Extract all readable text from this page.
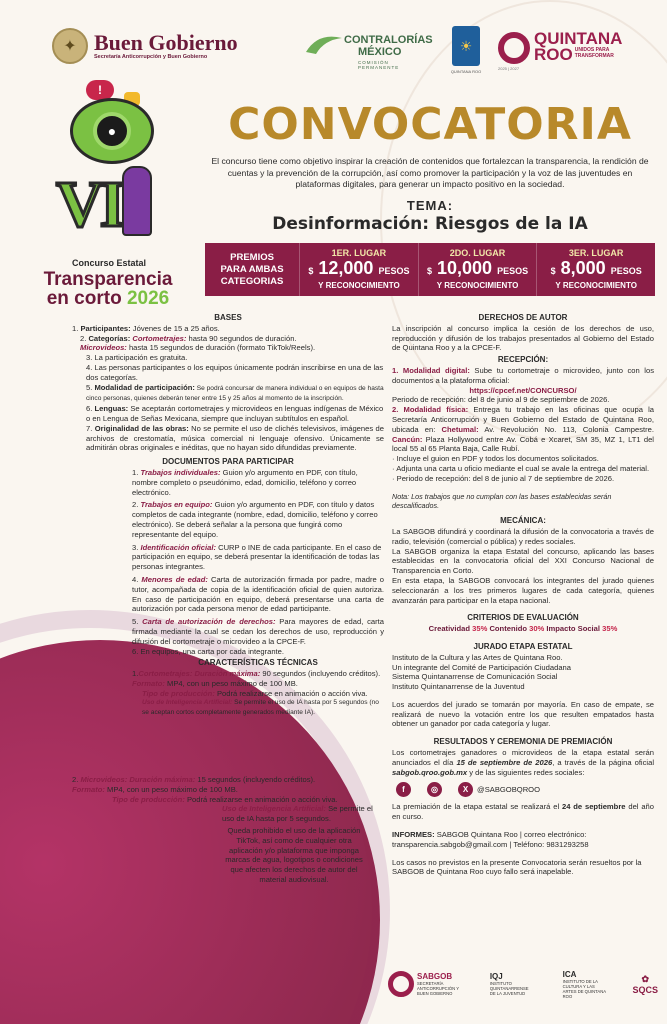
✦ Buen Gobierno
Secretaría Anticorrupción y Buen Gobierno
CONTRALORÍAS
MÉXICO
COMISIÓN PERMANENTE
☀
QUINTANA ROO
QUINTANA
ROO UNIDOS PARA TRANSFORMAR
2025 | 2027
!
●
VI
Concurso Estatal
Transparencia
en corto 2026
CONVOCATORIA
El concurso tiene como objetivo inspirar la creación de contenidos que fortalezcan la transparencia, la rendición de cuentas y la prevención de la corrupción, así como promover la participación y la voz de las juventudes en plataformas digitales, para generar un impacto positivo en la sociedad.
TEMA:
Desinformación: Riesgos de la IA
PREMIOS PARA AMBAS CATEGORIAS
1ER. LUGAR
$ 12,000 PESOS
Y RECONOCIMIENTO
2DO. LUGAR
$ 10,000 PESOS
Y RECONOCIMIENTO
3ER. LUGAR
$ 8,000 PESOS
Y RECONOCIMIENTO
BASES

1. Participantes: Jóvenes de 15 a 25 años.

2. Categorías: Cortometrajes: hasta 90 segundos de duración.
Microvideos: hasta 15 segundos de duración (formato TikTok/Reels).

3. La participación es gratuita.

4. Las personas participantes o los equipos únicamente podrán inscribirse en una de las dos categorías.

5. Modalidad de participación: Se podrá concursar de manera individual o en equipos de hasta cinco personas, quienes deberán tener entre 15 y 25 años al momento de la inscripción.

6. Lenguas: Se aceptarán cortometrajes y microvideos en lenguas indígenas de México o en Lengua de Señas Mexicana, siempre que incluyan subtítulos en español.

7. Originalidad de las obras: No se permite el uso de clichés televisivos, imágenes de archivos de crestomatía, música comercial ni lenguaje ofensivo. Únicamente se admitirán obras originales e inéditas, que no hayan sido difundidas previamente.

DOCUMENTOS PARA PARTICIPAR

1. Trabajos individuales: Guion y/o argumento en PDF, con título, nombre completo o pseudónimo, edad, domicilio, teléfono y correo electrónico.

2. Trabajos en equipo: Guion y/o argumento en PDF, con título y datos completos de cada integrante (nombre, edad, domicilio, teléfono y correo electrónico). Se deberá señalar a la persona que fungirá como representante del equipo.

3. Identificación oficial: CURP o INE de cada participante. En el caso de participación en equipo, se deberá presentar la identificación de todas las personas integrantes.

4. Menores de edad: Carta de autorización firmada por padre, madre o tutor, acompañada de copia de la identificación oficial de quien autoriza. En caso de participación en equipo, deberá presentarse una carta de autorización por cada persona menor de edad participante.

5. Carta de autorización de derechos: Para mayores de edad, carta firmada mediante la cual se cedan los derechos de uso, reproducción y difusión del cortometraje o microvideo a la CPCE-F.

6. En equipos, una carta por cada integrante.

CARACTERÍSTICAS TÉCNICAS

1.Cortometrajes: Duración máxima: 90 segundos (incluyendo créditos). Formato: MP4, con un peso máximo de 100 MB.

Tipo de producción: Podrá realizarse en animación o acción viva.

Uso de Inteligencia Artificial: Se permite el uso de IA hasta por 5 segundos (no se aceptan cortos completamente generados mediante IA).

2. Microvideos: Duración máxima: 15 segundos (incluyendo créditos).

Formato: MP4, con un peso máximo de 100 MB.

Tipo de producción: Podrá realizarse en animación o acción viva.

Uso de Inteligencia Artificial: Se permite el uso de IA hasta por 5 segundos.

Queda prohibido el uso de la aplicación TikTok, así como de cualquier otra aplicación y/o plataforma que imponga marcas de agua, logotipos o condiciones que afecten los derechos de autor del material audiovisual.

DERECHOS DE AUTOR

La inscripción al concurso implica la cesión de los derechos de uso, reproducción y difusión de los trabajos presentados al Gobierno del Estado de Quintana Roo y a la CPCE-F.

RECEPCIÓN:

1. Modalidad digital: Sube tu cortometraje o microvideo, junto con los documentos a la plataforma oficial:

https://cpcef.net/CONCURSO/

Periodo de recepción: del 8 de junio al 9 de septiembre de 2026.

2. Modalidad física: Entrega tu trabajo en las oficinas que ocupa la Secretaría Anticorrupción y Buen Gobierno del Estado de Quintana Roo, ubicada en: Chetumal: Av. Revolución No. 113, Colonia Campestre. Cancún: Plaza Hollywood entre Av. Cobá e Xcaret, SM 35, MZ 1, LT1 del local 55 al 65 Planta Baja, Calle Rubí.

· Incluye el guion en PDF y todos los documentos solicitados.

· Adjunta una carta u oficio mediante el cual se avale la entrega del material.

· Periodo de recepción: del 8 de junio al 7 de septiembre de 2026.

Nota: Los trabajos que no cumplan con las bases establecidas serán descalificados.

MECÁNICA:

La SABGOB difundirá y coordinará la difusión de la convocatoria a través de radio, televisión (comercial o pública) y redes sociales.

La SABGOB organiza la etapa Estatal del concurso, aplicando las bases establecidas en la convocatoria oficial del XXI Concurso Nacional de Transparencia en Corto.

En esta etapa, la SABGOB convocará los integrantes del jurado quienes seleccionarán a los tres primeros lugares de cada categoría, quienes avanzarán para participar en la etapa nacional.

CRITERIOS DE EVALUACIÓN

Creatividad 35% Contenido 30% Impacto Social 35%

JURADO ETAPA ESTATAL

Instituto de la Cultura y las Artes de Quintana Roo.

Un integrante del Comité de Participación Ciudadana

Sistema Quintanarrense de Comunicación Social

Instituto Quintanarrense de la Juventud

Los acuerdos del jurado se tomarán por mayoría. En caso de empate, se realizará de nuevo la votación entre los que resulten empatados hasta obtener un ganador por cada categoría y lugar.

RESULTADOS Y CEREMONIA DE PREMIACIÓN

Los cortometrajes ganadores o microvideos de la etapa estatal serán anunciados el día 15 de septiembre de 2026, a través de la página oficial sabgob.qroo.gob.mx y de las siguientes redes sociales:

f	◎	X	@SABGOBQROO

La premiación de la etapa estatal se realizará el 24 de septiembre del año en curso.

INFORMES: SABGOB Quintana Roo | correo electrónico: transparencia.sabgob@gmail.com | Teléfono: 9831293258

Los casos no previstos en la presente Convocatoria serán resueltos por la SABGOB de Quintana Roo cuyo fallo será inapelable.

SABGOB
SECRETARÍA ANTICORRUPCIÓN Y BUEN GOBIERNO
IQJ
INSTITUTO QUINTANARRENSE DE LA JUVENTUD
ICA
INSTITUTO DE LA CULTURA Y LAS ARTES DE QUINTANA ROO
✿
SQCS
